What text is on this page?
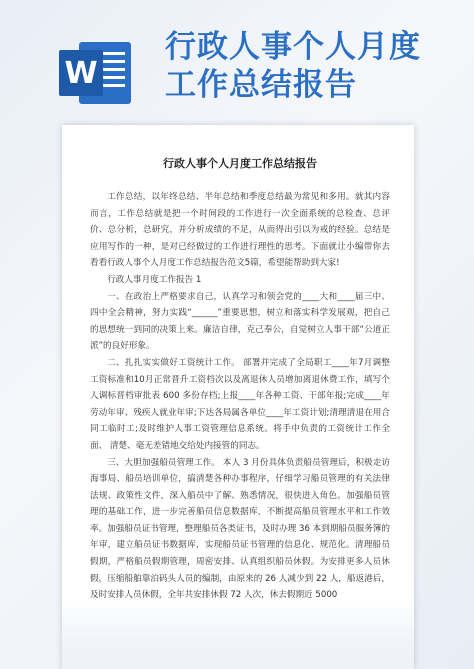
W
行政人事个人月度
工作总结报告

行政人事个人月度工作总结报告

工作总结，以年终总结、半年总结和季度总结最为常见和多用。就其内容而言，工作总结就是把一个时间段的工作进行一次全面系统的总检查、总评价、总分析，总研究，并分析成绩的不足，从而得出引以为戒的经验。总结是应用写作的一种，是对已经做过的工作进行理性的思考。下面就让小编带你去看看行政人事个人月度工作总结报告范文5篇，希望能帮助到大家!

行政人事月度工作报告 1

一、在政治上严格要求自己，认真学习和领会党的____大和____届三中、四中全会精神，努力实践“______”重要思想，树立和落实科学发展观，把自己的思想统一到同的决策上来。廉洁自律，克己奉公，自觉树立人事干部“公道正派”的良好形象。

二、扎扎实实做好工资统计工作。 部署并完成了全局职工____年7月调整工资标准和10月正常晋升工资档次以及离退休人员增加离退休费工作，填写个人调标晋档审批表 600 多份存档;上报____年各种工资、干部年报;完成____年劳动年审、残疾人就业年审;下达各局属各单位____年工资计划;清理清退在用合同工临时工;及时维护人事工资管理信息系统。将手中负责的工资统计工作全面、 清楚、毫无差错地交给处内接管的同志。

三、大胆加强船员管理工作。 本人 3 月份具体负责船员管理后，积极走访海事局、船员培训单位，搞清楚各种办事程序，仔细学习船员管理的有关法律法规、政策性文件，深入船员中了解、熟悉情况，很快进入角色。加强船员管理的基础工作，进一步完善船员信息数据库，不断提高船员管理水平和工作效率。加强船员证书管理，整理船员各类证书，及时办理 36 本到期船员服务簿的年审，建立船员证书数据库，实现船员证书管理的信息化、规范化。清理船员假期，严格船员假期管理，周密安排、认真组织船员休假。为安排更多人员休假，压缩船舶靠泊码头人员的编制，由原来的 26 人减少到 22 人，船返港后，及时安排人员休假，全年共安排休假 72 人次，休去假期近 5000
